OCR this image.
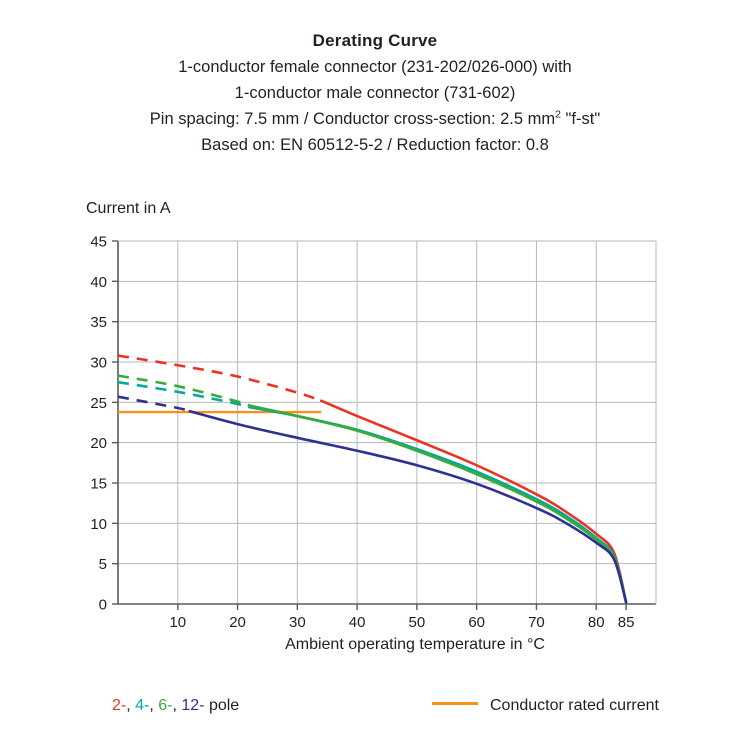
Derating Curve
1-conductor female connector (231-202/026-000) with
1-conductor male connector (731-602)
Pin spacing: 7.5 mm / Conductor cross-section: 2.5 $mm^2$ "f-st"
Based on: EN 60512-5-2 / Reduction factor: 0.8
Current in A
0
5
10
15
20
25
30
35
40
45
10	20	30	40	50	60	70	80 85
Ambient operating temperature in °C
2-, 4-, 6-, 12- pole	Conductor rated current
